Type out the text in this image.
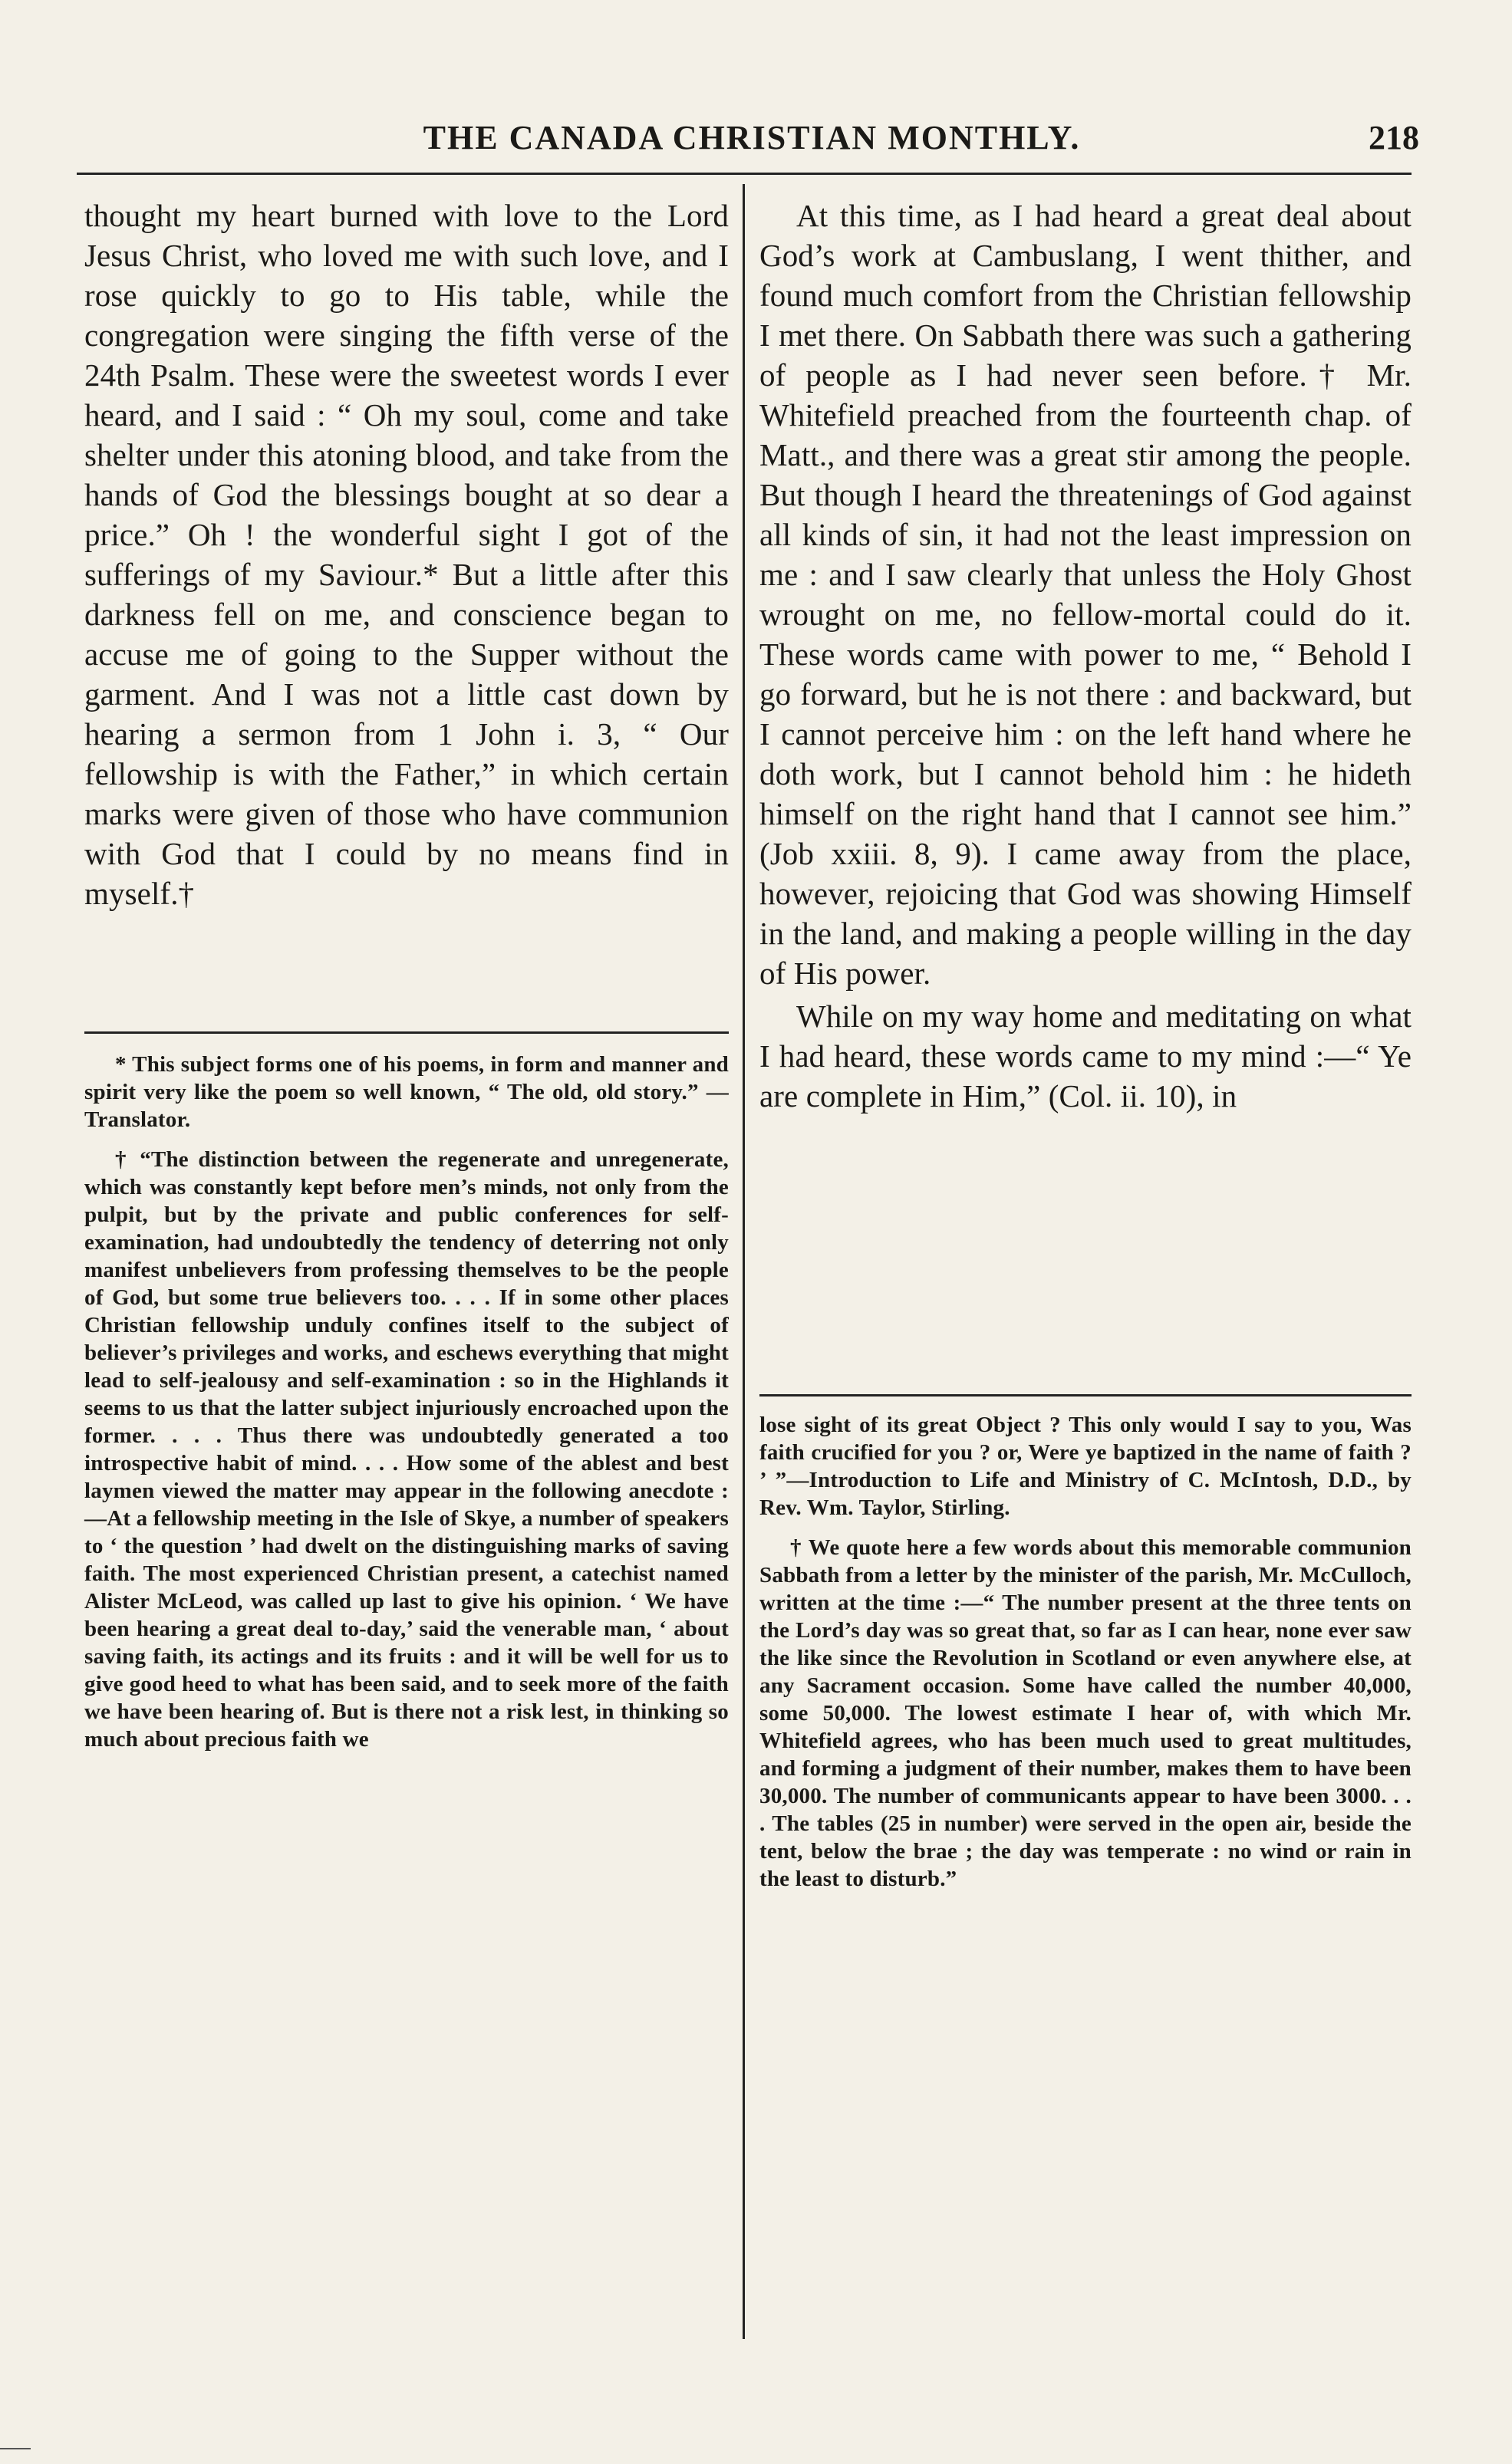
THE CANADA CHRISTIAN MONTHLY.	218

thought my heart burned with love to the Lord Jesus Christ, who loved me with such love, and I rose quickly to go to His table, while the congregation were singing the fifth verse of the 24th Psalm. These were the sweetest words I ever heard, and I said : “ Oh my soul, come and take shelter under this atoning blood, and take from the hands of God the blessings bought at so dear a price.” Oh ! the wonderful sight I got of the sufferings of my Saviour.* But a little after this darkness fell on me, and conscience began to accuse me of going to the Supper without the garment. And I was not a little cast down by hearing a sermon from 1 John i. 3, “ Our fellowship is with the Father,” in which certain marks were given of those who have communion with God that I could by no means find in myself.†

* This subject forms one of his poems, in form and manner and spirit very like the poem so well known, “ The old, old story.” —Translator.

† “The distinction between the regenerate and unregenerate, which was constantly kept before men’s minds, not only from the pulpit, but by the private and public conferences for self-examination, had undoubtedly the tendency of deterring not only manifest unbelievers from professing themselves to be the people of God, but some true believers too. . . . If in some other places Christian fellowship unduly confines itself to the subject of believer’s privileges and works, and eschews everything that might lead to self-jealousy and self-examination : so in the Highlands it seems to us that the latter subject injuriously encroached upon the former. . . . Thus there was undoubtedly generated a too introspective habit of mind. . . . How some of the ablest and best laymen viewed the matter may appear in the following anecdote :—At a fellowship meeting in the Isle of Skye, a number of speakers to ‘ the question ’ had dwelt on the distinguishing marks of saving faith. The most experienced Christian present, a catechist named Alister McLeod, was called up last to give his opinion. ‘ We have been hearing a great deal to-day,’ said the venerable man, ‘ about saving faith, its actings and its fruits : and it will be well for us to give good heed to what has been said, and to seek more of the faith we have been hearing of. But is there not a risk lest, in thinking so much about precious faith we

At this time, as I had heard a great deal about God’s work at Cambuslang, I went thither, and found much comfort from the Christian fellowship I met there. On Sabbath there was such a gathering of people as I had never seen before.† Mr. Whitefield preached from the fourteenth chap. of Matt., and there was a great stir among the people. But though I heard the threatenings of God against all kinds of sin, it had not the least impression on me : and I saw clearly that unless the Holy Ghost wrought on me, no fellow-mortal could do it. These words came with power to me, “ Behold I go forward, but he is not there : and backward, but I cannot perceive him : on the left hand where he doth work, but I cannot behold him : he hideth himself on the right hand that I cannot see him.” (Job xxiii. 8, 9). I came away from the place, however, rejoicing that God was showing Himself in the land, and making a people willing in the day of His power.

While on my way home and meditating on what I had heard, these words came to my mind :—“ Ye are complete in Him,” (Col. ii. 10), in

lose sight of its great Object ? This only would I say to you, Was faith crucified for you ? or, Were ye baptized in the name of faith ? ’ ”—Introduction to Life and Ministry of C. McIntosh, D.D., by Rev. Wm. Taylor, Stirling.

† We quote here a few words about this memorable communion Sabbath from a letter by the minister of the parish, Mr. McCulloch, written at the time :—“ The number present at the three tents on the Lord’s day was so great that, so far as I can hear, none ever saw the like since the Revolution in Scotland or even anywhere else, at any Sacrament occasion. Some have called the number 40,000, some 50,000. The lowest estimate I hear of, with which Mr. Whitefield agrees, who has been much used to great multitudes, and forming a judgment of their number, makes them to have been 30,000. The number of communicants appear to have been 3000. . . . The tables (25 in number) were served in the open air, beside the tent, below the brae ; the day was temperate : no wind or rain in the least to disturb.”
